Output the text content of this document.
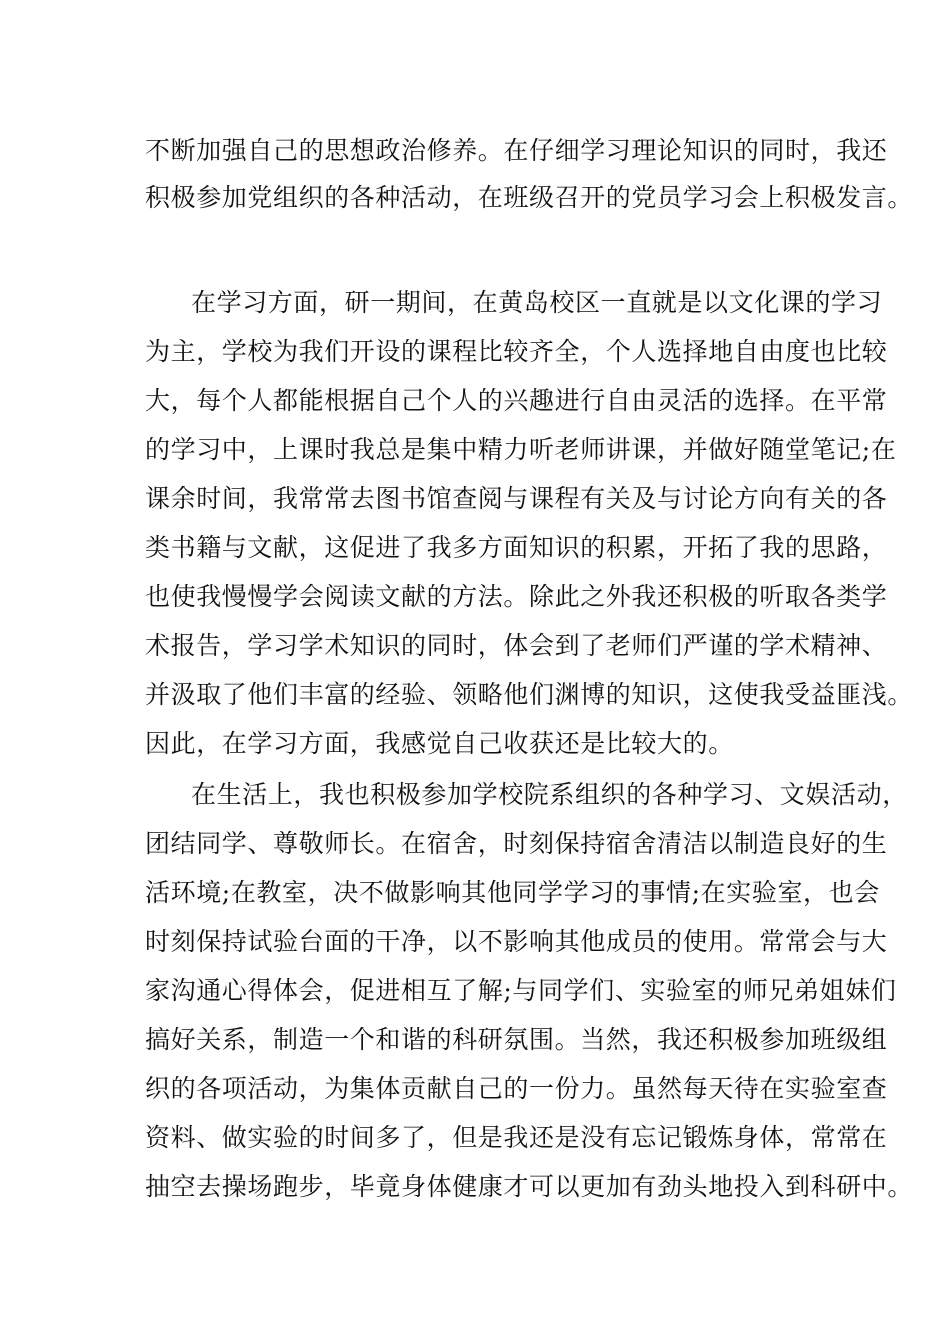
不断加强自己的思想政治修养。在仔细学习理论知识的同时，我还
积极参加党组织的各种活动，在班级召开的党员学习会上积极发言。
在学习方面，研一期间，在黄岛校区一直就是以文化课的学习
为主，学校为我们开设的课程比较齐全，个人选择地自由度也比较
大，每个人都能根据自己个人的兴趣进行自由灵活的选择。在平常
的学习中，上课时我总是集中精力听老师讲课，并做好随堂笔记;在
课余时间，我常常去图书馆查阅与课程有关及与讨论方向有关的各
类书籍与文献，这促进了我多方面知识的积累，开拓了我的思路，
也使我慢慢学会阅读文献的方法。除此之外我还积极的听取各类学
术报告，学习学术知识的同时，体会到了老师们严谨的学术精神、
并汲取了他们丰富的经验、领略他们渊博的知识，这使我受益匪浅。
因此，在学习方面，我感觉自己收获还是比较大的。
在生活上，我也积极参加学校院系组织的各种学习、文娱活动，
团结同学、尊敬师长。在宿舍，时刻保持宿舍清洁以制造良好的生
活环境;在教室，决不做影响其他同学学习的事情;在实验室，也会
时刻保持试验台面的干净，以不影响其他成员的使用。常常会与大
家沟通心得体会，促进相互了解;与同学们、实验室的师兄弟姐妹们
搞好关系，制造一个和谐的科研氛围。当然，我还积极参加班级组
织的各项活动，为集体贡献自己的一份力。虽然每天待在实验室查
资料、做实验的时间多了，但是我还是没有忘记锻炼身体，常常在
抽空去操场跑步，毕竟身体健康才可以更加有劲头地投入到科研中。
